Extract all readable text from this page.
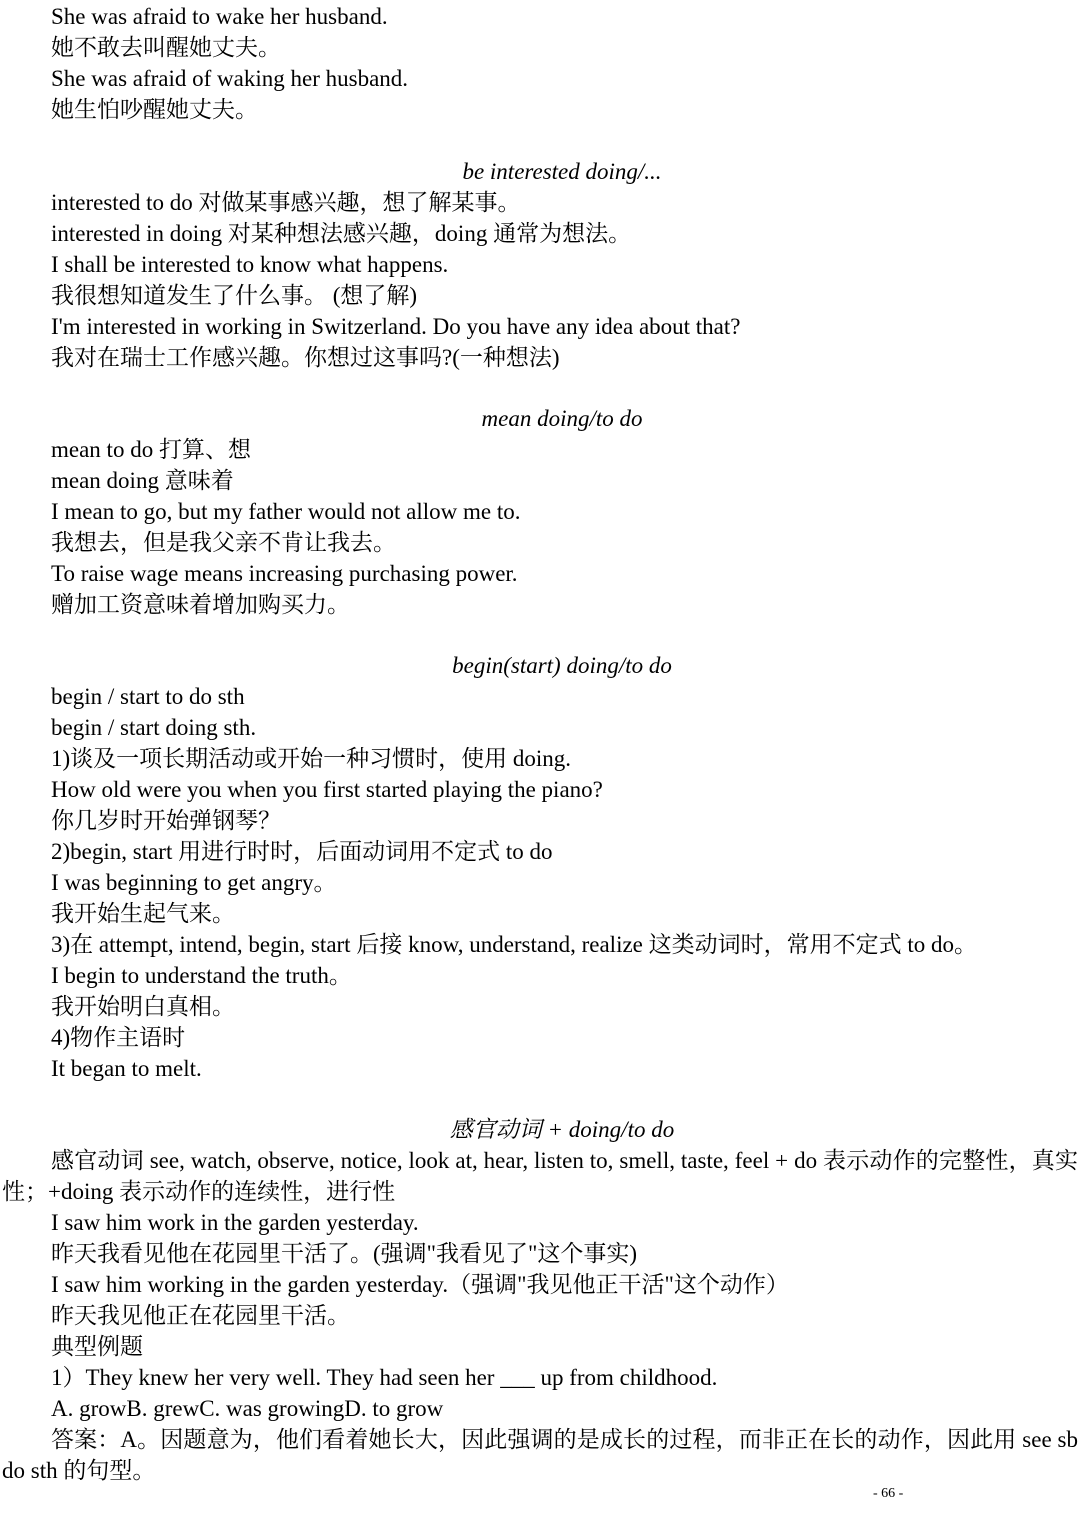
She was afraid to wake her husband.
她不敢去叫醒她丈夫。
She was afraid of waking her husband.
她生怕吵醒她丈夫。
be interested doing/...
interested to do 对做某事感兴趣，想了解某事。
interested in doing 对某种想法感兴趣，doing 通常为想法。
I shall be interested to know what happens.
我很想知道发生了什么事。 (想了解)
I'm interested in working in Switzerland. Do you have any idea about that?
我对在瑞士工作感兴趣。你想过这事吗?(一种想法)
mean doing/to do
mean to do 打算、想
mean doing 意味着
I mean to go, but my father would not allow me to.
我想去，但是我父亲不肯让我去。
To raise wage means increasing purchasing power.
赠加工资意味着增加购买力。
begin(start) doing/to do
begin / start to do sth
begin / start doing sth.
1)谈及一项长期活动或开始一种习惯时，使用 doing.
How old were you when you first started playing the piano?
你几岁时开始弹钢琴？
2)begin, start 用进行时时，后面动词用不定式 to do
I was beginning to get angry。
我开始生起气来。
3)在 attempt, intend, begin, start 后接 know, understand, realize 这类动词时，常用不定式 to do。
I begin to understand the truth。
我开始明白真相。
4)物作主语时
It began to melt.
感官动词 + doing/to do
感官动词 see, watch, observe, notice, look at, hear, listen to, smell, taste, feel + do 表示动作的完整性，真实性；+doing 表示动作的连续性，进行性
I saw him work in the garden yesterday.
昨天我看见他在花园里干活了。(强调"我看见了"这个事实)
I saw him working in the garden yesterday.（强调"我见他正干活"这个动作）
昨天我见他正在花园里干活。
典型例题
1）They knew her very well. They had seen her ___ up from childhood.
A. growB. grewC. was growingD. to grow
答案：A。因题意为，他们看着她长大，因此强调的是成长的过程，而非正在长的动作，因此用 see sb do sth 的句型。
- 66 -
